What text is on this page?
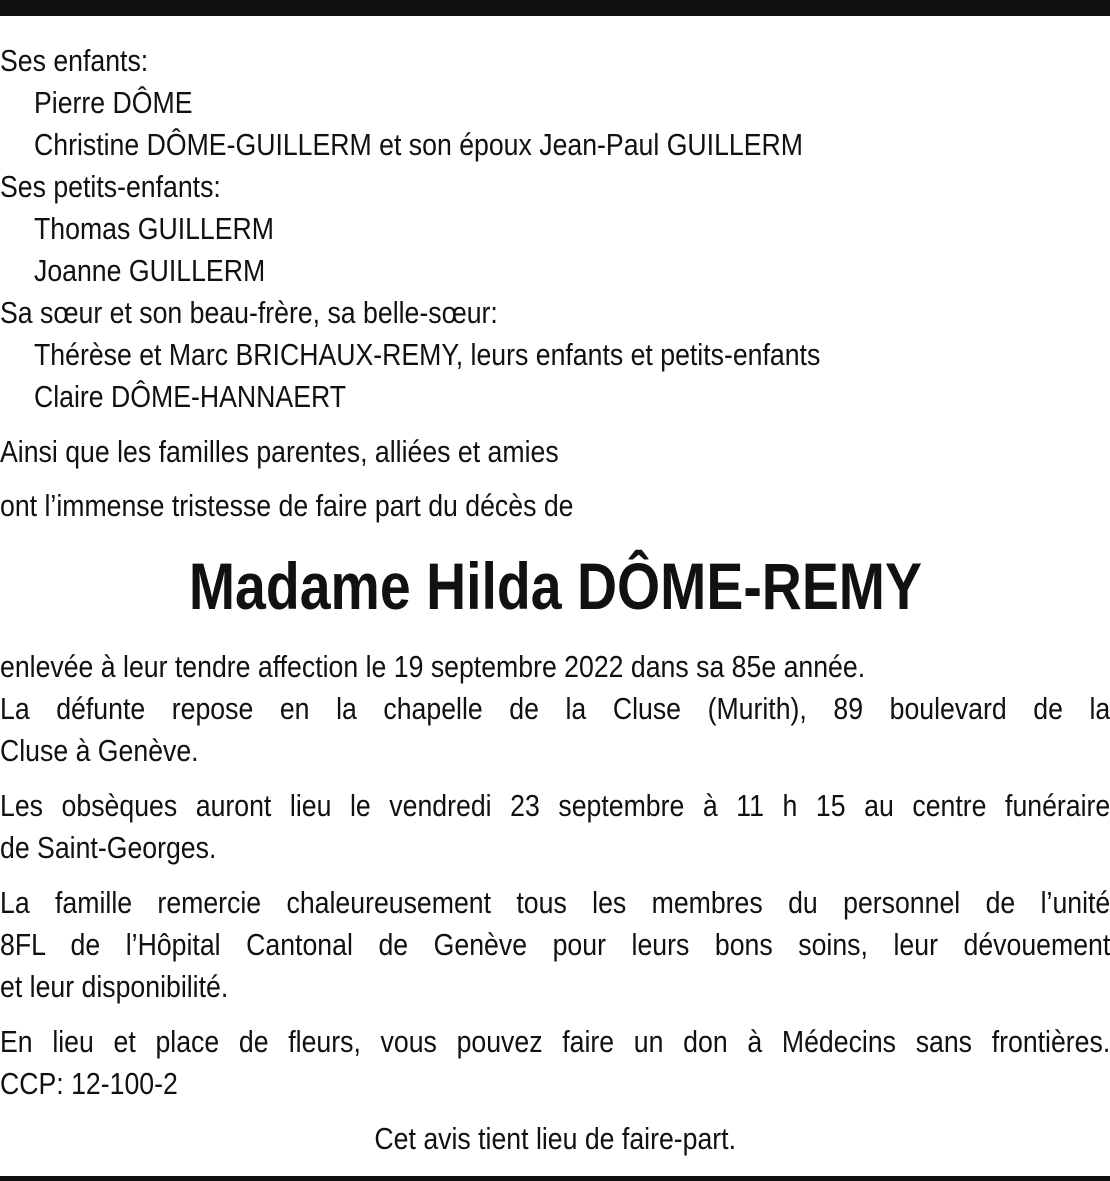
Ses enfants:
Pierre DÔME
Christine DÔME-GUILLERM et son époux Jean-Paul GUILLERM
Ses petits-enfants:
Thomas GUILLERM
Joanne GUILLERM
Sa sœur et son beau-frère, sa belle-sœur:
Thérèse et Marc BRICHAUX-REMY, leurs enfants et petits-enfants
Claire DÔME-HANNAERT
Ainsi que les familles parentes, alliées et amies
ont l’immense tristesse de faire part du décès de
Madame Hilda DÔME-REMY
enlevée à leur tendre affection le 19 septembre 2022 dans sa 85e année.
La défunte repose en la chapelle de la Cluse (Murith), 89 boulevard de la
Cluse à Genève.
Les obsèques auront lieu le vendredi 23 septembre à 11 h 15 au centre funéraire
de Saint-Georges.
La famille remercie chaleureusement tous les membres du personnel de l’unité
8FL de l’Hôpital Cantonal de Genève pour leurs bons soins, leur dévouement
et leur disponibilité.
En lieu et place de fleurs, vous pouvez faire un don à Médecins sans frontières.
CCP: 12-100-2
Cet avis tient lieu de faire-part.
